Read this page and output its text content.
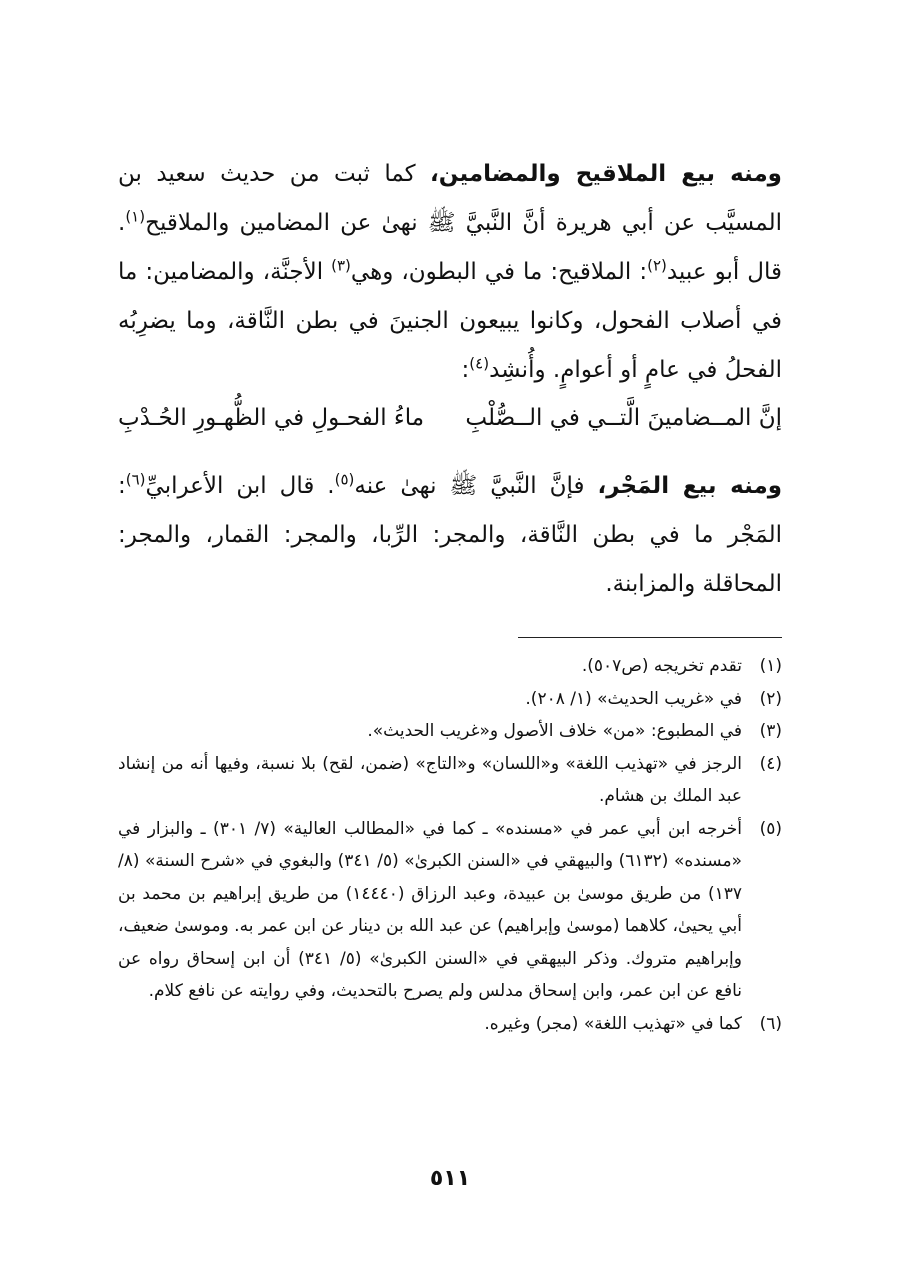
ومنه بيع الملاقيح والمضامين، كما ثبت من حديث سعيد بن المسيَّب عن أبي هريرة أنَّ النَّبيَّ ﷺ نهىٰ عن المضامين والملاقيح$^{(١)}$. قال أبو عبيد$^{(٢)}$: الملاقيح: ما في البطون، وهي$^{(٣)}$ الأجنَّة، والمضامين: ما في أصلاب الفحول، وكانوا يبيعون الجنينَ في بطن النَّاقة، وما يضرِبُه الفحلُ في عامٍ أو أعوامٍ. وأُنشِد$^{(٤)}$:

إنَّ المــضامينَ الَّتــي في الــصُّلْبِ
ماءُ الفحـولِ في الظُّهـورِ الحُـدْبِ

ومنه بيع المَجْر، فإنَّ النَّبيَّ ﷺ نهىٰ عنه$^{(٥)}$. قال ابن الأعرابيِّ$^{(٦)}$: المَجْر ما في بطن النَّاقة، والمجر: الرِّبا، والمجر: القمار، والمجر: المحاقلة والمزابنة.

(١)
تقدم تخريجه (ص٥٠٧).
(٢)
في «غريب الحديث» (١/ ٢٠٨).
(٣)
في المطبوع: «من» خلاف الأصول و«غريب الحديث».
(٤)
الرجز في «تهذيب اللغة» و«اللسان» و«التاج» (ضمن، لقح) بلا نسبة، وفيها أنه من إنشاد عبد الملك بن هشام.
(٥)
أخرجه ابن أبي عمر في «مسنده» ـ كما في «المطالب العالية» (٧/ ٣٠١) ـ والبزار في «مسنده» (٦١٣٢) والبيهقي في «السنن الكبرىٰ» (٥/ ٣٤١) والبغوي في «شرح السنة» (٨/ ١٣٧) من طريق موسىٰ بن عبيدة، وعبد الرزاق (١٤٤٤٠) من طريق إبراهيم بن محمد بن أبي يحيىٰ، كلاهما (موسىٰ وإبراهيم) عن عبد الله بن دينار عن ابن عمر به. وموسىٰ ضعيف، وإبراهيم متروك. وذكر البيهقي في «السنن الكبرىٰ» (٥/ ٣٤١) أن ابن إسحاق رواه عن نافع عن ابن عمر، وابن إسحاق مدلس ولم يصرح بالتحديث، وفي روايته عن نافع كلام.
(٦)
كما في «تهذيب اللغة» (مجر) وغيره.
٥١١
